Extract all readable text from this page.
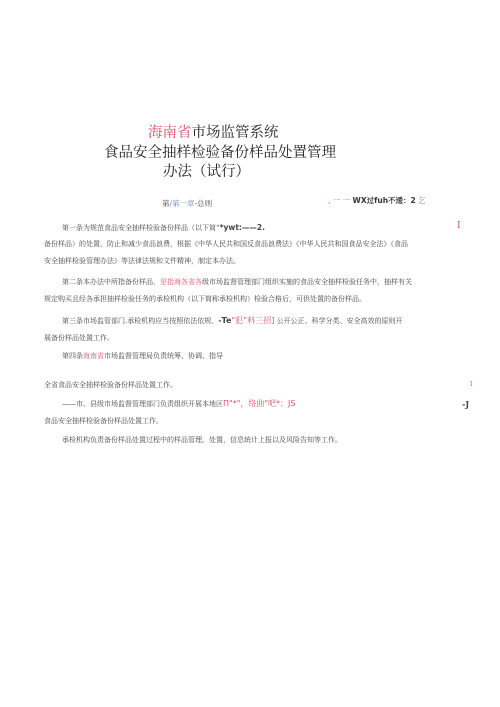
海南省市场监管系统
食品安全抽样检验备份样品处置管理
办法（试行）
第/第一章-总则	, 一 一 WX过fuh不逶：2 乞
第一条为规范食品安全抽样检验备份样品（以下简“*ywt:——2.	I
备份样品）的处置，防止和减少食品浪费，根据《中华人民共和国反食品浪费法》《中华人民共和国食品安全法》《食品
安全抽样检验管理办法》等法律法规和文件精神，制定本办法。
第二条本办法中所指备份样品，是指海各省各级市场监督管理部门组织实施的食品安全抽样检验任务中，抽样有关
规定购买且经各承担抽样检验任务的承检机构（以下简称承检机构）检验合格后，可供处置的备份样品。
第三条市场监管部门.承检机构应当按照依法依规、-Te"犯”料三招] 公开公正、科学分类、安全高效的原则开
展备份样品处置工作。
第四条海南省市场监督管理局负责统筹、协调、指导
全省食品安全抽样检验备份样品处置工作。	I
——市、县级市场监督管理部门负责组织开展本地区Π"*"，络曲"吧*：JS	-J
食品安全抽样检验备份样品处置工作。
承检机构负责备份样品处置过程中的样品管理、处置、信息统计上报以及风险告知等工作。
